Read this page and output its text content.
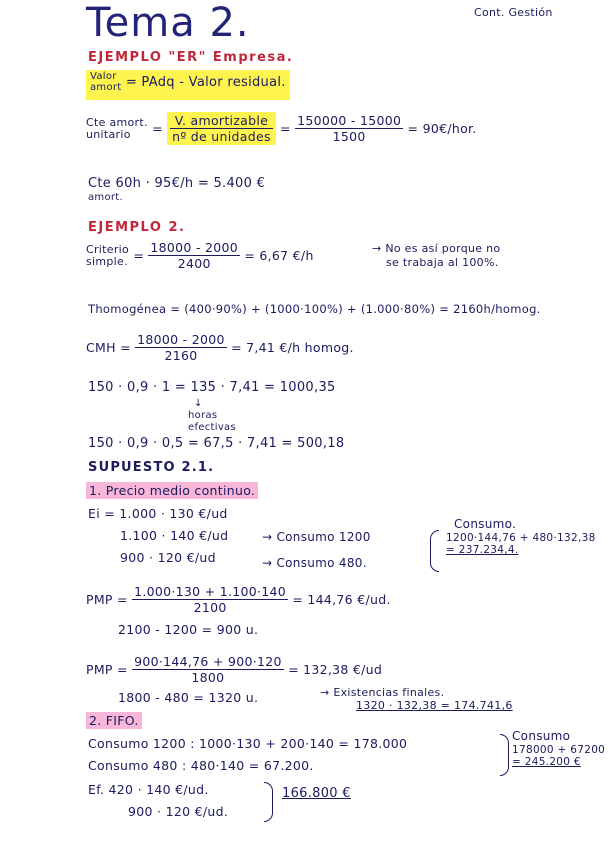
Tema 2.	Cont. Gestión
EJEMPLO "ER" Empresa.
Valor
amort = PAdq - Valor residual.
Cte amort.
unitario	= $\frac{\text{V. amortizable}}{\text{nº de unidades}} = \frac{150000 - 15000}{1500}$ = 90€/hor.
Cte 60h · 95€/h = 5.400 €
amort.
EJEMPLO 2.
Criterio
simple. = $\frac{18000 - 2000}{2400} = 6,67$ €/h	→ No es así porque no
se trabaja al 100%.
Thomogénea = (400·90%) + (1000·100%) + (1.000·80%) = 2160h/homog.
CMH = $\frac{18000 - 2000}{2160} = 7,41$ €/h homog.
150 · 0,9 · 1 = 135 · 7,41 = 1000,35
↓
horas
efectivas
150 · 0,9 · 0,5 = 67,5 · 7,41 = 500,18
SUPUESTO 2.1.
1. Precio medio continuo.
Ei = 1.000 · 130 €/ud
1.100 · 140 €/ud
900 · 120 €/ud
→ Consumo 1200
→ Consumo 480.
Consumo.
1200·144,76 + 480·132,38
= 237.234,4.
PMP = $\frac{1.000\cdot 130 + 1.100\cdot 140}{2100} = 144,76$ €/ud.
2100 - 1200 = 900 u.
PMP = $\frac{900\cdot 144,76 + 900\cdot 120}{1800} = 132,38$ €/ud
1800 - 480 = 1320 u.	→ Existencias finales.
1320 · 132,38 = 174.741,6
2. FIFO.
Consumo 1200 : 1000·130 + 200·140 = 178.000
Consumo 480 : 480·140 = 67.200.
Consumo
178000 + 67200
= 245.200 €
Ef. 420 · 140 €/ud.
900 · 120 €/ud.
166.800 €
